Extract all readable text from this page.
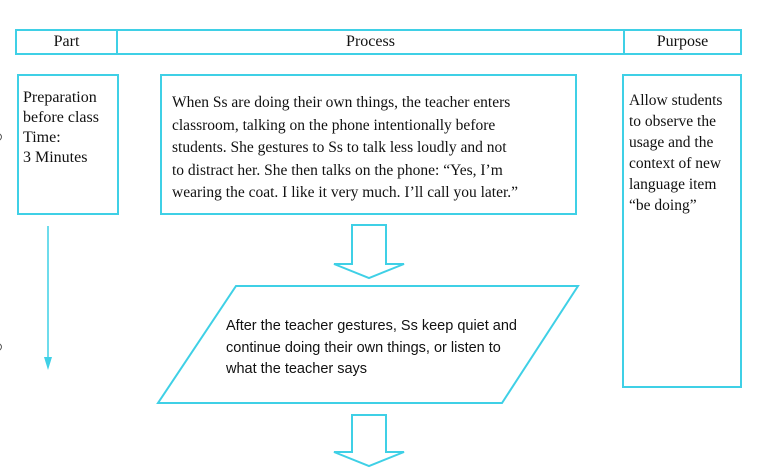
Part	Process	Purpose
Preparation
before class
Time:
3 Minutes
When Ss are doing their own things, the teacher enters
classroom, talking on the phone intentionally before
students. She gestures to Ss to talk less loudly and not
to distract her. She then talks on the phone: “Yes, I’m
wearing the coat. I like it very much. I’ll call you later.”
Allow students
to observe the
usage and the
context of new
language item
“be doing”
After the teacher gestures, Ss keep quiet and
continue doing their own things, or listen to
what the teacher says
